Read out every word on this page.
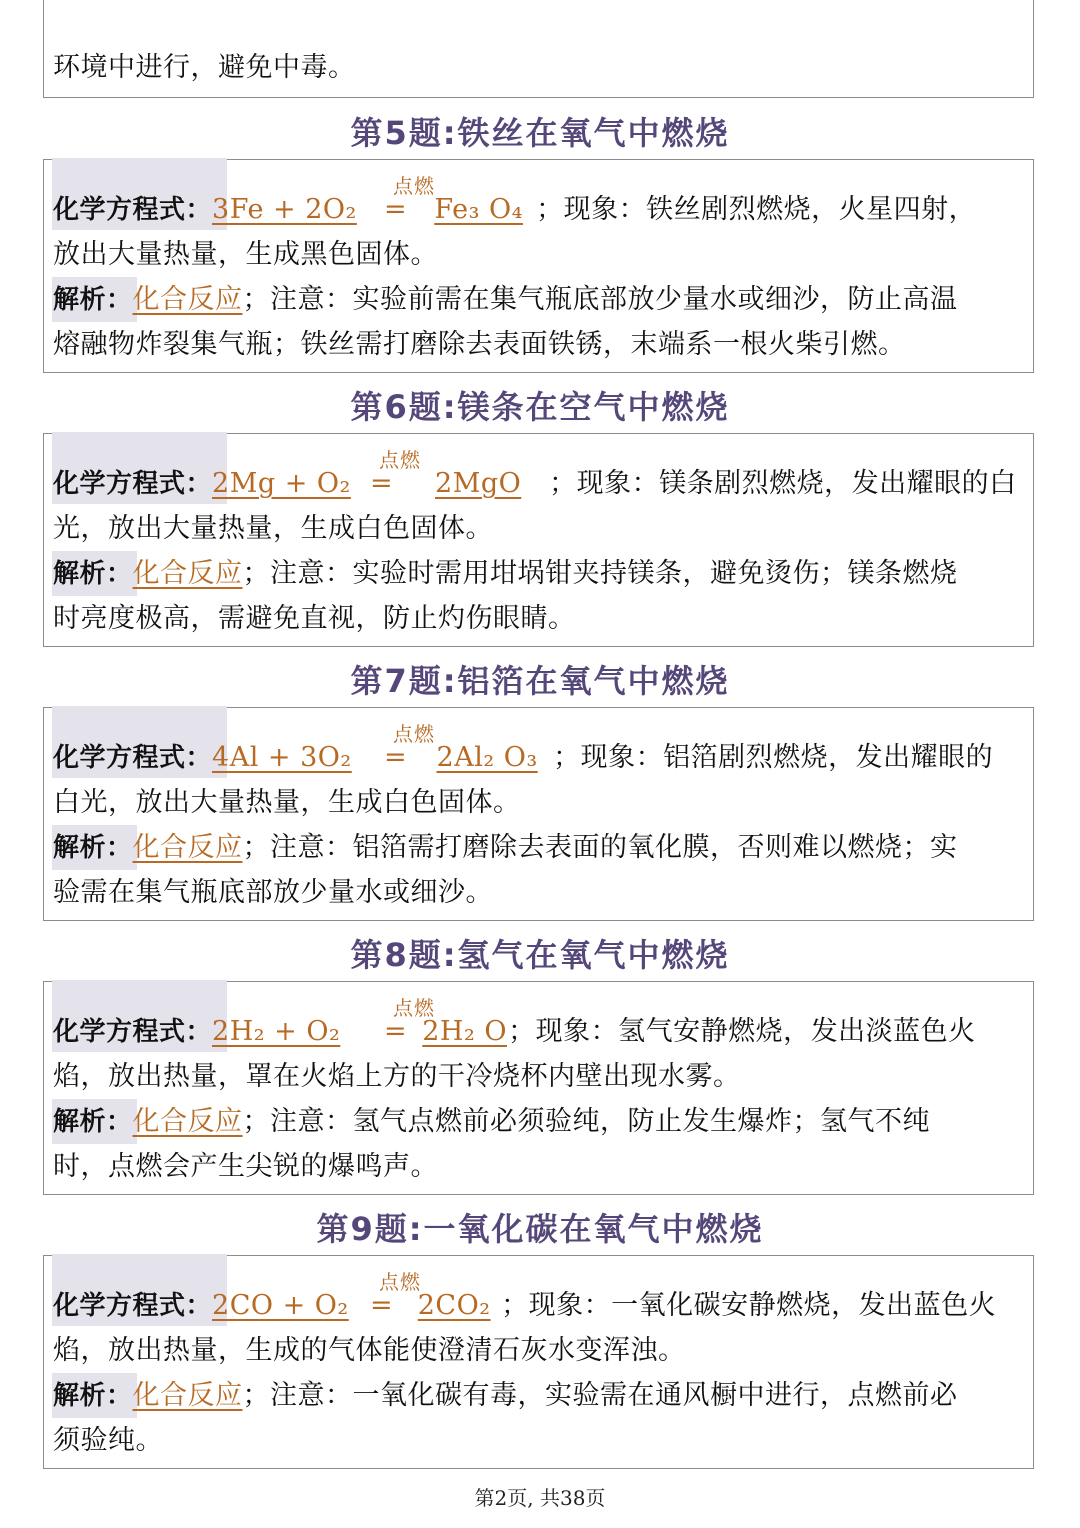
环境中进行，避免中毒。
第5题:铁丝在氧气中燃烧
点燃
化学方程式：3Fe + 2O₂ = Fe₃ O₄ ；现象：铁丝剧烈燃烧，火星四射，
放出大量热量，生成黑色固体。
解析：化合反应；注意：实验前需在集气瓶底部放少量水或细沙，防止高温
熔融物炸裂集气瓶；铁丝需打磨除去表面铁锈，末端系一根火柴引燃。
第6题:镁条在空气中燃烧
点燃
化学方程式：2Mg + O₂ = 2MgO ；现象：镁条剧烈燃烧，发出耀眼的白
光，放出大量热量，生成白色固体。
解析：化合反应；注意：实验时需用坩埚钳夹持镁条，避免烫伤；镁条燃烧
时亮度极高，需避免直视，防止灼伤眼睛。
第7题:铝箔在氧气中燃烧
点燃
化学方程式：4Al + 3O₂ = 2Al₂ O₃ ；现象：铝箔剧烈燃烧，发出耀眼的
白光，放出大量热量，生成白色固体。
解析：化合反应；注意：铝箔需打磨除去表面的氧化膜，否则难以燃烧；实
验需在集气瓶底部放少量水或细沙。
第8题:氢气在氧气中燃烧
点燃
化学方程式：2H₂ + O₂ = 2H₂ O；现象：氢气安静燃烧，发出淡蓝色火
焰，放出热量，罩在火焰上方的干冷烧杯内壁出现水雾。
解析：化合反应；注意：氢气点燃前必须验纯，防止发生爆炸；氢气不纯
时，点燃会产生尖锐的爆鸣声。
第9题:一氧化碳在氧气中燃烧
点燃
化学方程式：2CO + O₂ = 2CO₂ ；现象：一氧化碳安静燃烧，发出蓝色火
焰，放出热量，生成的气体能使澄清石灰水变浑浊。
解析：化合反应；注意：一氧化碳有毒，实验需在通风橱中进行，点燃前必
须验纯。
第2页, 共38页
